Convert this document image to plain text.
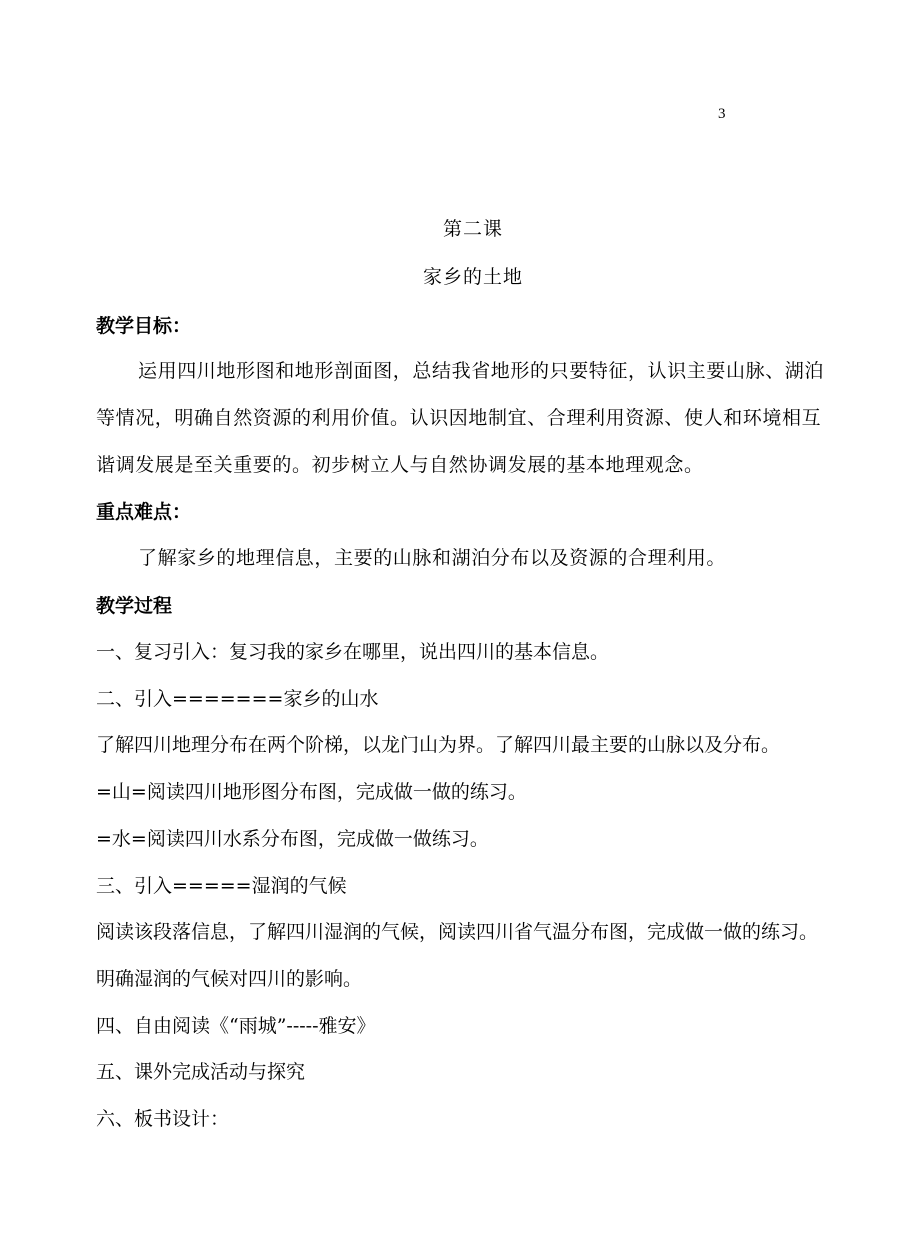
3
第二课
家乡的土地
教学目标：
运用四川地形图和地形剖面图，总结我省地形的只要特征，认识主要山脉、湖泊
等情况，明确自然资源的利用价值。认识因地制宜、合理利用资源、使人和环境相互
谐调发展是至关重要的。初步树立人与自然协调发展的基本地理观念。
重点难点：
了解家乡的地理信息，主要的山脉和湖泊分布以及资源的合理利用。
教学过程
一、复习引入：复习我的家乡在哪里，说出四川的基本信息。
二、引入=======家乡的山水
了解四川地理分布在两个阶梯，以龙门山为界。了解四川最主要的山脉以及分布。
=山=阅读四川地形图分布图，完成做一做的练习。
=水=阅读四川水系分布图，完成做一做练习。
三、引入=====湿润的气候
阅读该段落信息，了解四川湿润的气候，阅读四川省气温分布图，完成做一做的练习。
明确湿润的气候对四川的影响。
四、自由阅读《“雨城”-----雅安》
五、课外完成活动与探究
六、板书设计：
